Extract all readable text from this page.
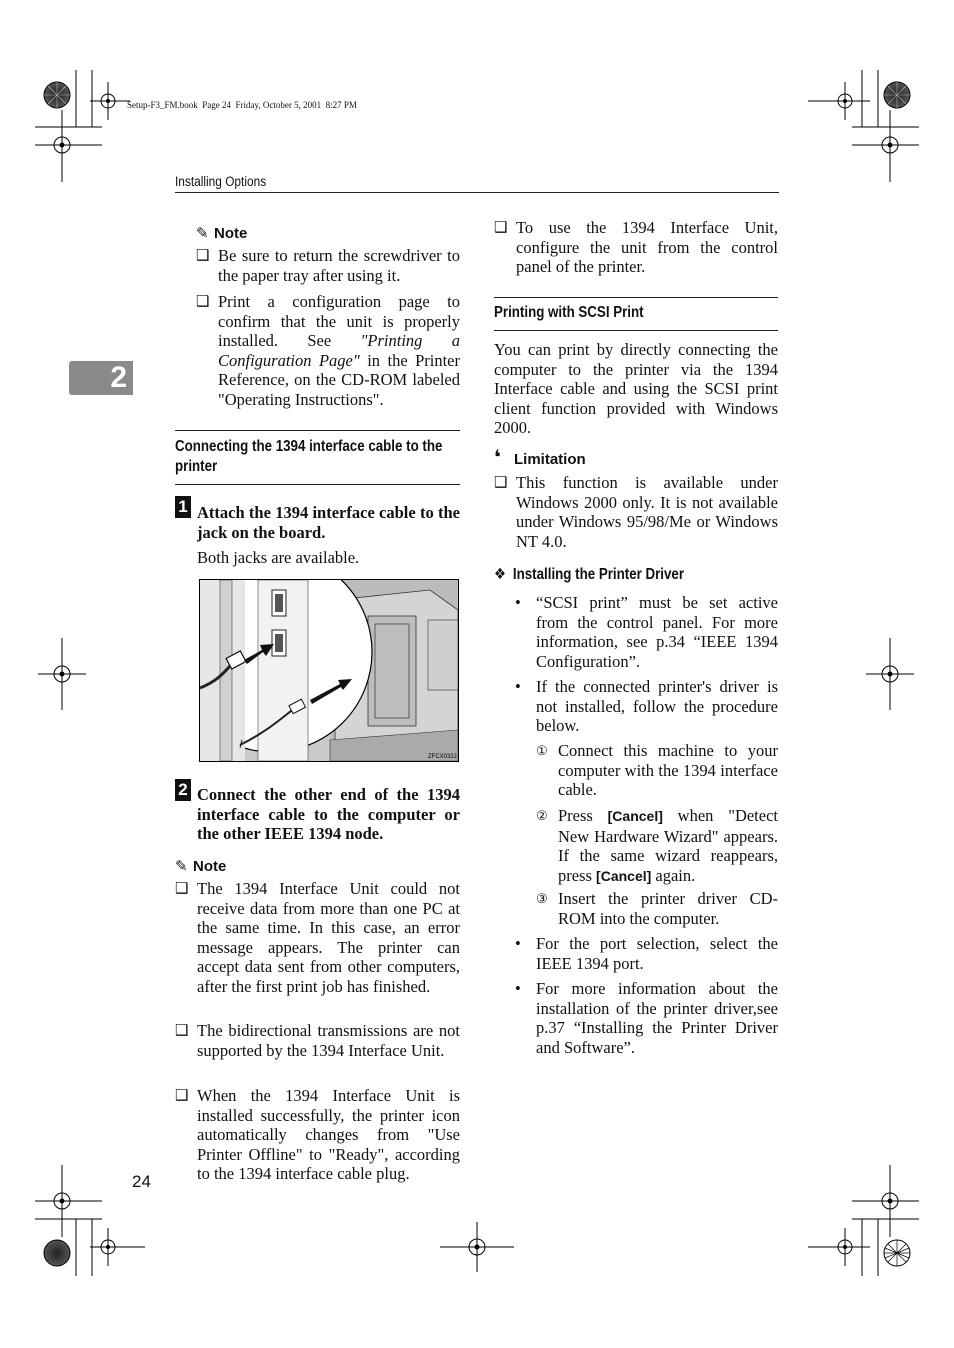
Setup-F3_FM.book  Page 24  Friday, October 5, 2001  8:27 PM
Installing Options
2
✎ Note
❑ Be sure to return the screwdriver to the paper tray after using it.
❑ Print a configuration page to confirm that the unit is properly installed. See "Printing a Configuration Page" in the Printer Reference, on the CD-ROM labeled "Operating Instructions".
Connecting the 1394 interface cable to the printer
1 Attach the 1394 interface cable to the jack on the board.
Both jacks are available.
ZFCX032J
2 Connect the other end of the 1394 interface cable to the computer or the other IEEE 1394 node.
✎ Note
❑ The 1394 Interface Unit could not receive data from more than one PC at the same time. In this case, an error message appears. The printer can accept data sent from other computers, after the first print job has finished.
❑ The bidirectional transmissions are not supported by the 1394 Interface Unit.
❑ When the 1394 Interface Unit is installed successfully, the printer icon automatically changes from "Use Printer Offline" to "Ready", according to the 1394 interface cable plug.
24
❑ To use the 1394 Interface Unit, configure the unit from the control panel of the printer.
Printing with SCSI Print
You can print by directly connecting the computer to the printer via the 1394 Interface cable and using the SCSI print client function provided with Windows 2000.
❛ Limitation
❑ This function is available under Windows 2000 only. It is not available under Windows 95/98/Me or Windows NT 4.0.
❖ Installing the Printer Driver
• “SCSI print” must be set active from the control panel. For more information, see p.34 “IEEE 1394 Configuration”.
• If the connected printer's driver is not installed, follow the procedure below.
① Connect this machine to your computer with the 1394 interface cable.
② Press [Cancel] when "Detect New Hardware Wizard" appears. If the same wizard reappears, press [Cancel] again.
③ Insert the printer driver CD-ROM into the computer.
• For the port selection, select the IEEE 1394 port.
• For more information about the installation of the printer driver,see p.37 “Installing the Printer Driver and Software”.
